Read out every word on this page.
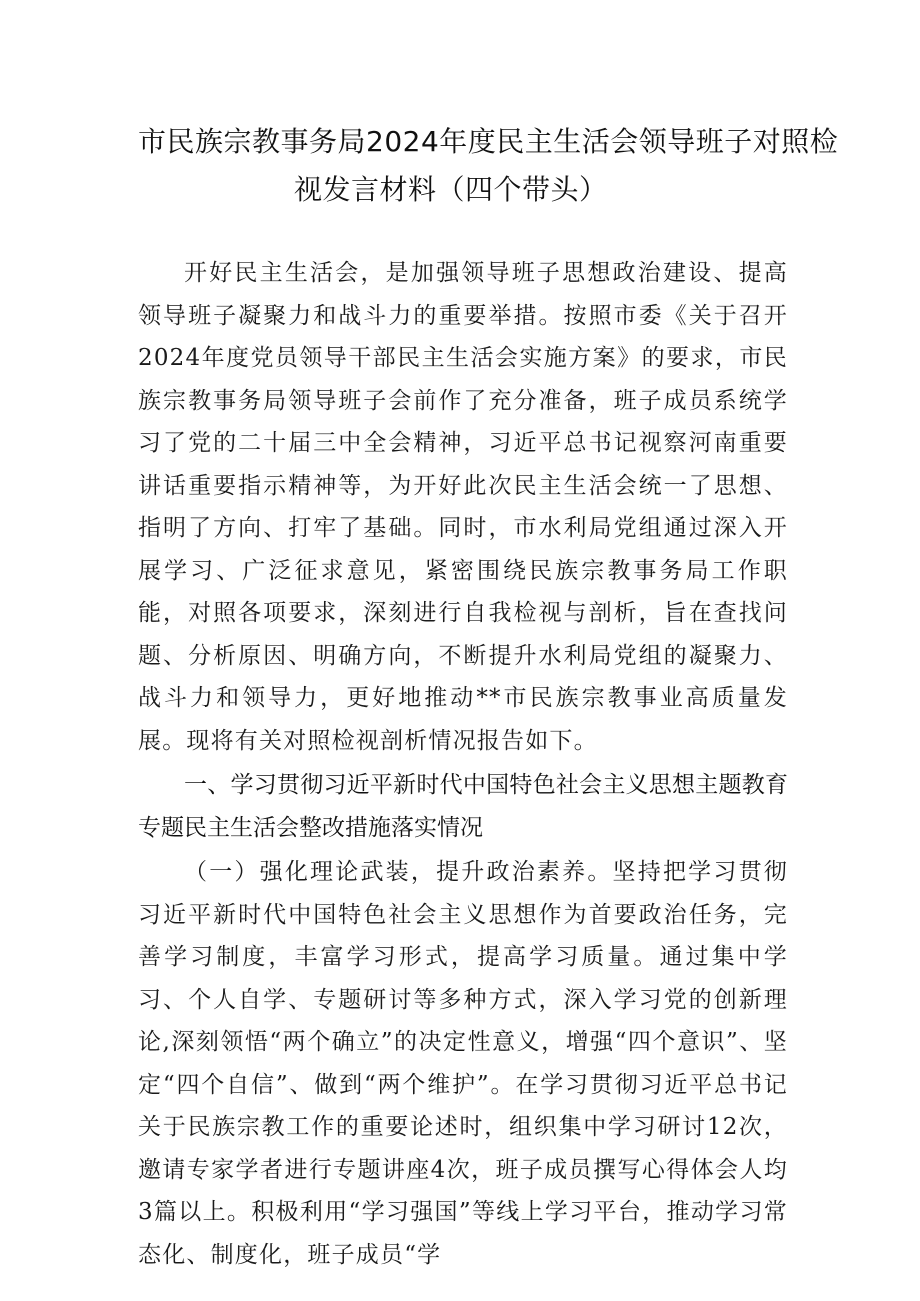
市民族宗教事务局2024年度民主生活会领导班子对照检
视发言材料（四个带头）

开好民主生活会，是加强领导班子思想政治建设、提高领导班子凝聚力和战斗力的重要举措。按照市委《关于召开2024年度党员领导干部民主生活会实施方案》的要求，市民族宗教事务局领导班子会前作了充分准备，班子成员系统学习了党的二十届三中全会精神，习近平总书记视察河南重要讲话重要指示精神等，为开好此次民主生活会统一了思想、指明了方向、打牢了基础。同时，市水利局党组通过深入开展学习、广泛征求意见，紧密围绕民族宗教事务局工作职能，对照各项要求，深刻进行自我检视与剖析，旨在查找问题、分析原因、明确方向，不断提升水利局党组的凝聚力、战斗力和领导力，更好地推动**市民族宗教事业高质量发展。现将有关对照检视剖析情况报告如下。

一、学习贯彻习近平新时代中国特色社会主义思想主题教育专题民主生活会整改措施落实情况

（一）强化理论武装，提升政治素养。坚持把学习贯彻习近平新时代中国特色社会主义思想作为首要政治任务，完善学习制度，丰富学习形式，提高学习质量。通过集中学习、个人自学、专题研讨等多种方式，深入学习党的创新理论,深刻领悟“两个确立”的决定性意义，增强“四个意识”、坚定“四个自信”、做到“两个维护”。在学习贯彻习近平总书记关于民族宗教工作的重要论述时，组织集中学习研讨12次，邀请专家学者进行专题讲座4次，班子成员撰写心得体会人均3篇以上。积极利用“学习强国”等线上学习平台，推动学习常态化、制度化，班子成员“学
